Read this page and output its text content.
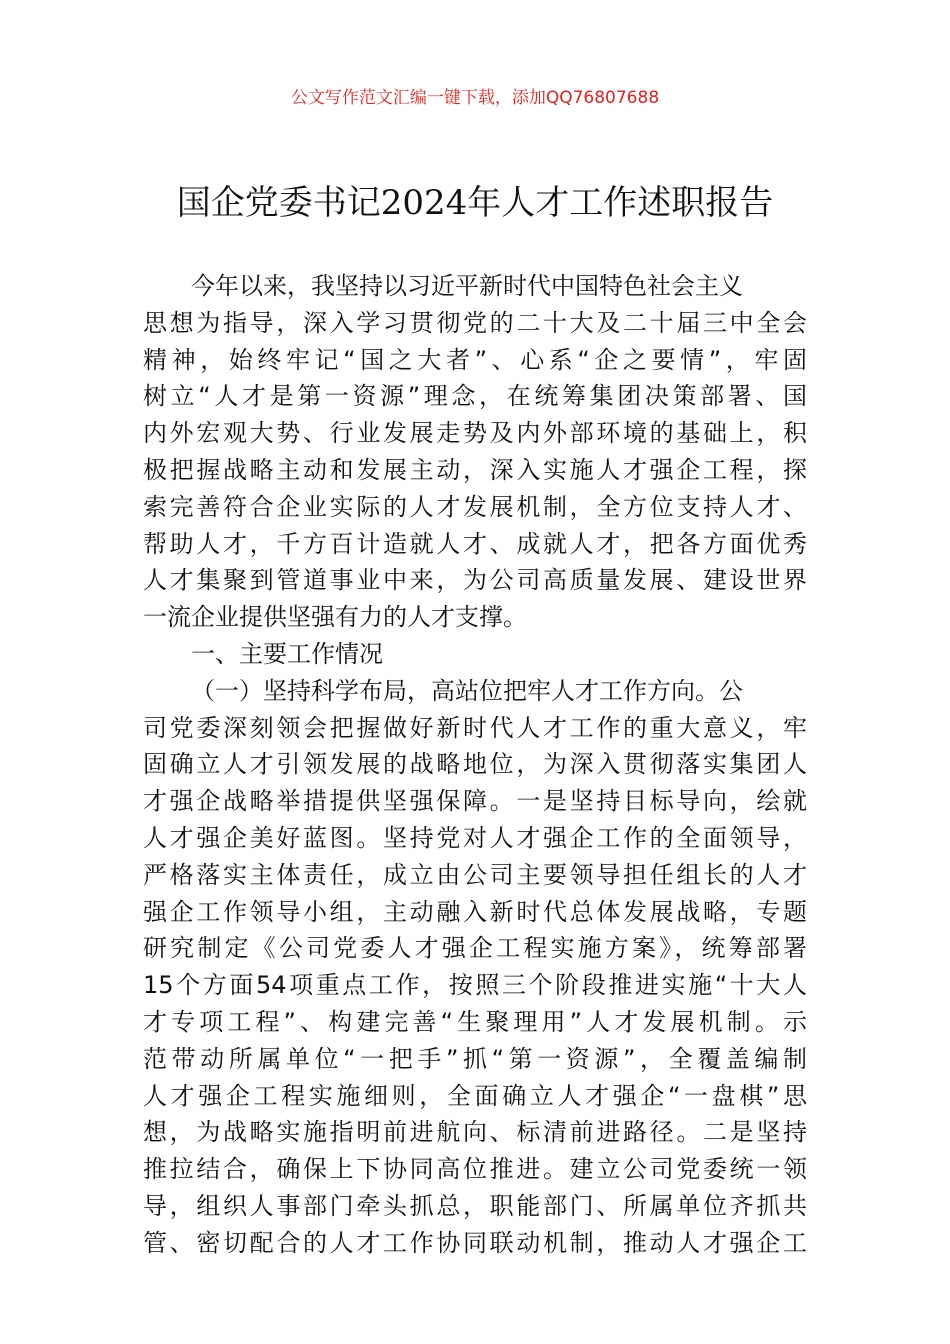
公文写作范文汇编一键下载，添加QQ76807688
国企党委书记2024年人才工作述职报告
今年以来，我坚持以习近平新时代中国特色社会主义
思想为指导，深入学习贯彻党的二十大及二十届三中全会
精神，始终牢记“国之大者”、心系“企之要情”，牢固
树立“人才是第一资源”理念，在统筹集团决策部署、国
内外宏观大势、行业发展走势及内外部环境的基础上，积
极把握战略主动和发展主动，深入实施人才强企工程，探
索完善符合企业实际的人才发展机制，全方位支持人才、
帮助人才，千方百计造就人才、成就人才，把各方面优秀
人才集聚到管道事业中来，为公司高质量发展、建设世界
一流企业提供坚强有力的人才支撑。
一、主要工作情况
（一）坚持科学布局，高站位把牢人才工作方向。公
司党委深刻领会把握做好新时代人才工作的重大意义，牢
固确立人才引领发展的战略地位，为深入贯彻落实集团人
才强企战略举措提供坚强保障。一是坚持目标导向，绘就
人才强企美好蓝图。坚持党对人才强企工作的全面领导，
严格落实主体责任，成立由公司主要领导担任组长的人才
强企工作领导小组，主动融入新时代总体发展战略，专题
研究制定《公司党委人才强企工程实施方案》，统筹部署
15个方面54项重点工作，按照三个阶段推进实施“十大人
才专项工程”、构建完善“生聚理用”人才发展机制。示
范带动所属单位“一把手”抓“第一资源”，全覆盖编制
人才强企工程实施细则，全面确立人才强企“一盘棋”思
想，为战略实施指明前进航向、标清前进路径。二是坚持
推拉结合，确保上下协同高位推进。建立公司党委统一领
导，组织人事部门牵头抓总，职能部门、所属单位齐抓共
管、密切配合的人才工作协同联动机制，推动人才强企工
